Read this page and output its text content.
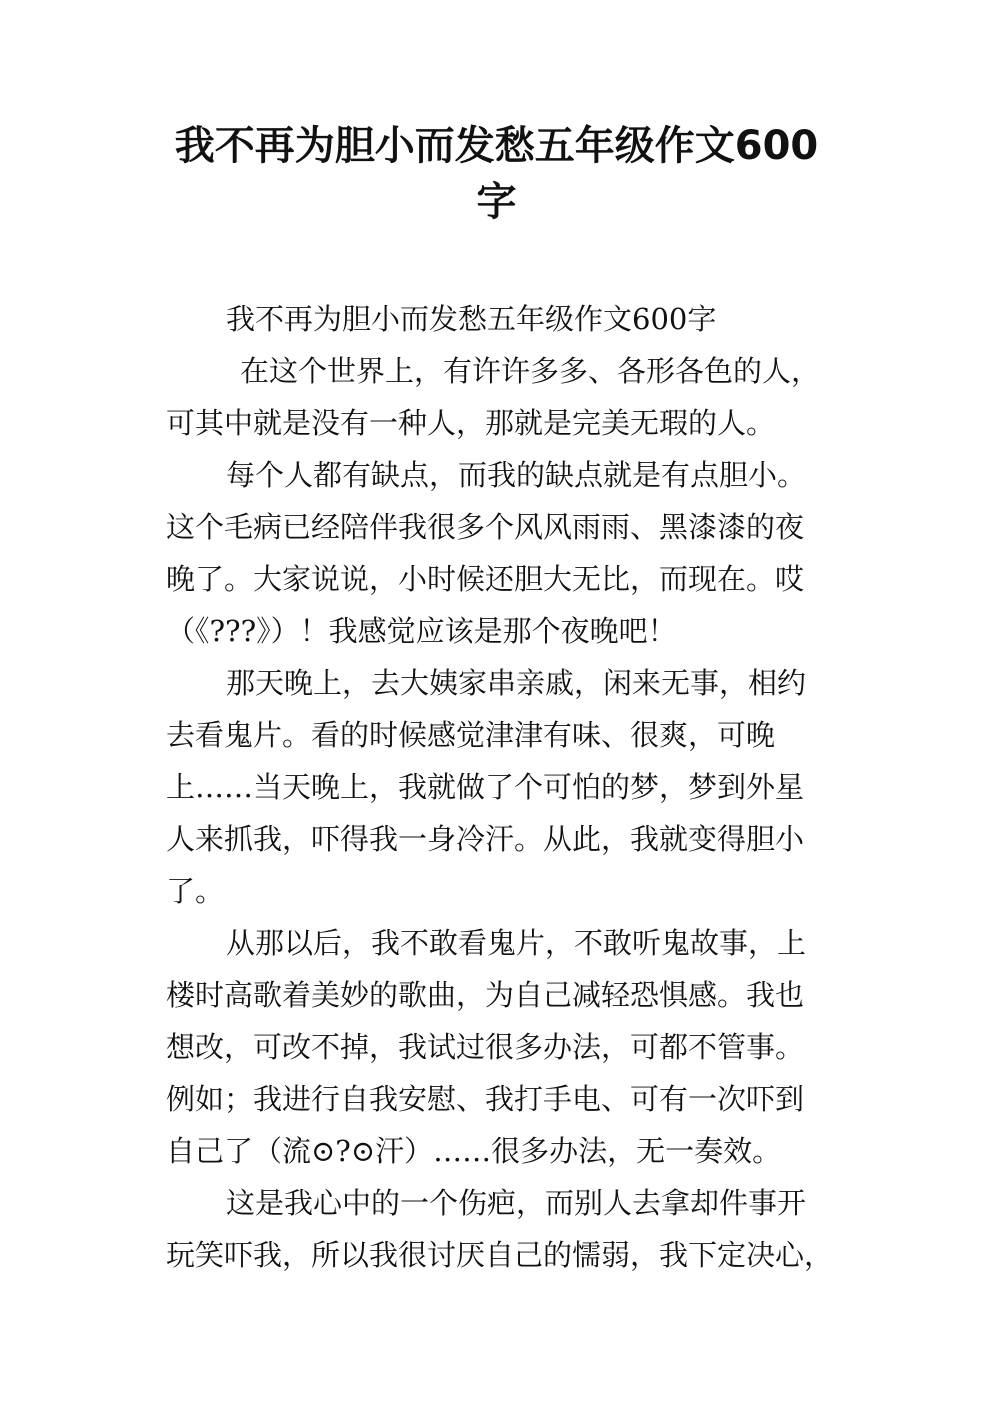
我不再为胆小而发愁五年级作文600
字

我不再为胆小而发愁五年级作文600字

在这个世界上，有许许多多、各形各色的人，

可其中就是没有一种人，那就是完美无瑕的人。

每个人都有缺点，而我的缺点就是有点胆小。

这个毛病已经陪伴我很多个风风雨雨、黑漆漆的夜

晚了。大家说说，小时候还胆大无比，而现在。哎

（《???》）！我感觉应该是那个夜晚吧！

那天晚上，去大姨家串亲戚，闲来无事，相约

去看鬼片。看的时候感觉津津有味、很爽，可晚

上……当天晚上，我就做了个可怕的梦，梦到外星

人来抓我，吓得我一身冷汗。从此，我就变得胆小

了。

从那以后，我不敢看鬼片，不敢听鬼故事，上

楼时高歌着美妙的歌曲，为自己减轻恐惧感。我也

想改，可改不掉，我试过很多办法，可都不管事。

例如；我进行自我安慰、我打手电、可有一次吓到

自己了（流⊙?⊙汗）……很多办法，无一奏效。

这是我心中的一个伤疤，而别人去拿却件事开

玩笑吓我，所以我很讨厌自己的懦弱，我下定决心，
